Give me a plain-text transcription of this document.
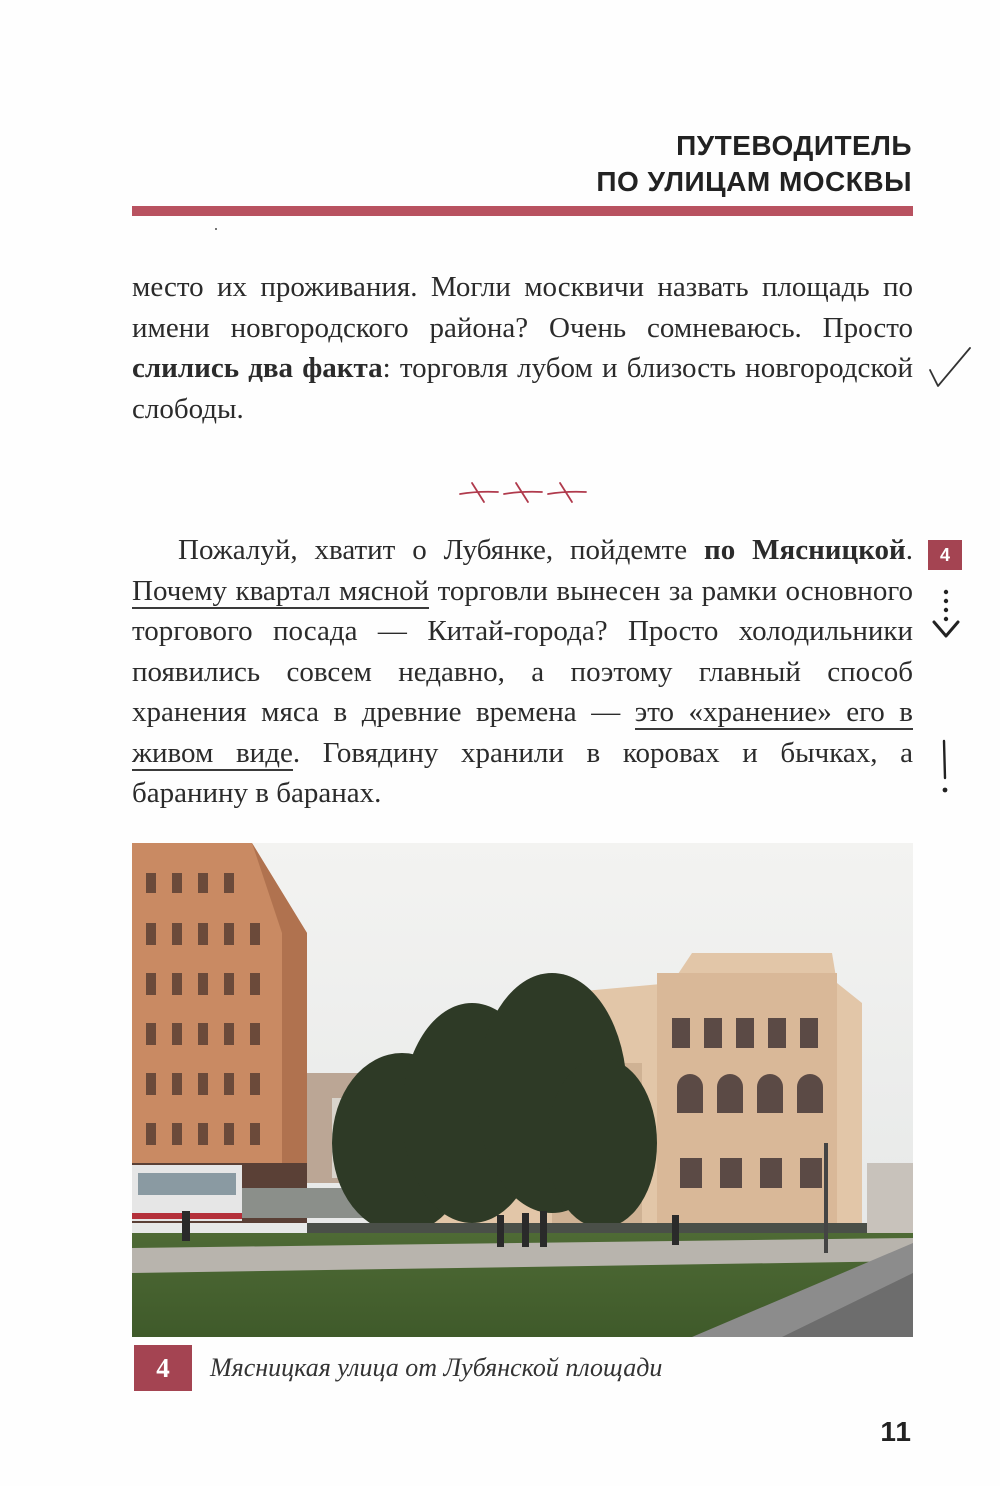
ПУТЕВОДИТЕЛЬ
ПО УЛИЦАМ МОСКВЫ
место их проживания. Могли москвичи назвать площадь по имени новгородского района? Очень сомневаюсь. Просто слились два факта: торговля лубом и близость новгородской слободы.
Пожалуй, хватит о Лубянке, пойдемте по Мясницкой. Почему квартал мясной торговли вынесен за рамки основного торгового посада — Китай-города? Просто холодильники появились совсем недавно, а поэтому главный способ хранения мяса в древние времена — это «хранение» его в живом виде. Говядину хранили в коровах и бычках, а баранину в баранах.
4
4	Мясницкая улица от Лубянской площади
11
